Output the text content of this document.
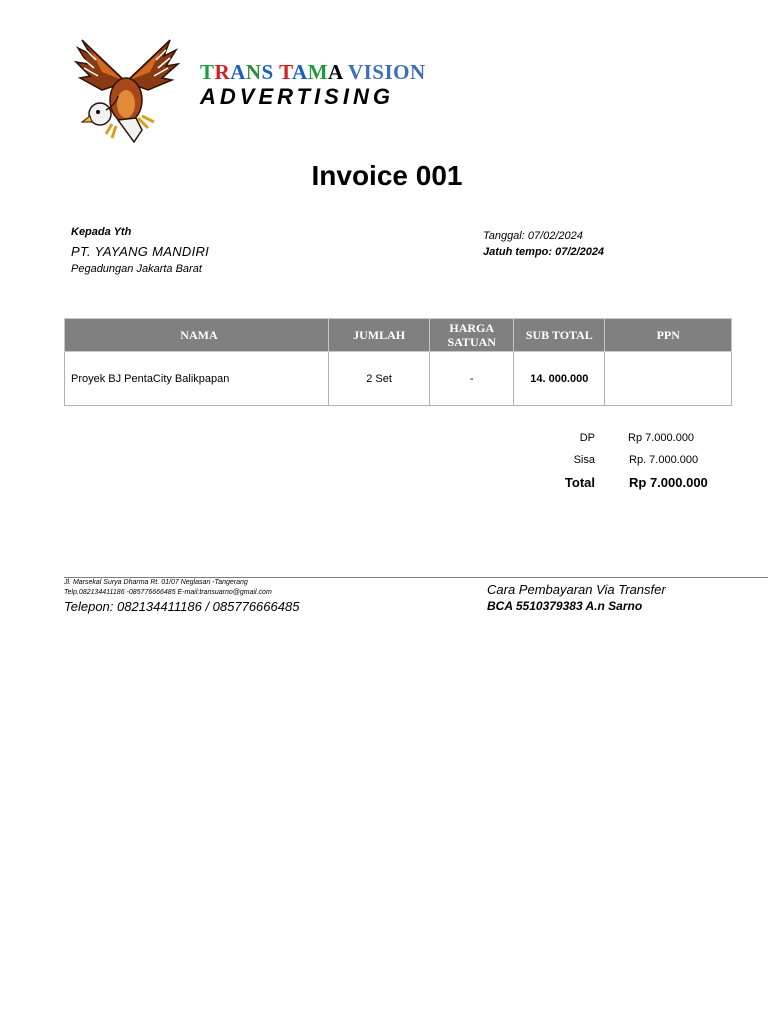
TRANS TAMA VISION
ADVERTISING
Invoice 001
Kepada Yth
PT. YAYANG MANDIRI
Pegadungan Jakarta Barat
Tanggal: 07/02/2024
Jatuh tempo: 07/2/2024
NAMA	JUMLAH	HARGA SATUAN	SUB TOTAL	PPN
Proyek BJ PentaCity Balikpapan	2 Set	-	14. 000.000	
DP	Rp 7.000.000
Sisa	Rp. 7.000.000
Total	Rp 7.000.000
Jl. Marsekal Surya Dharma Rt. 01/07 Neglasari -Tangerang
Telp.082134411186 -085776666485 E-mail:transuarno@gmail.com
Telepon: 082134411186 / 085776666485
Cara Pembayaran Via Transfer
BCA 5510379383 A.n Sarno
